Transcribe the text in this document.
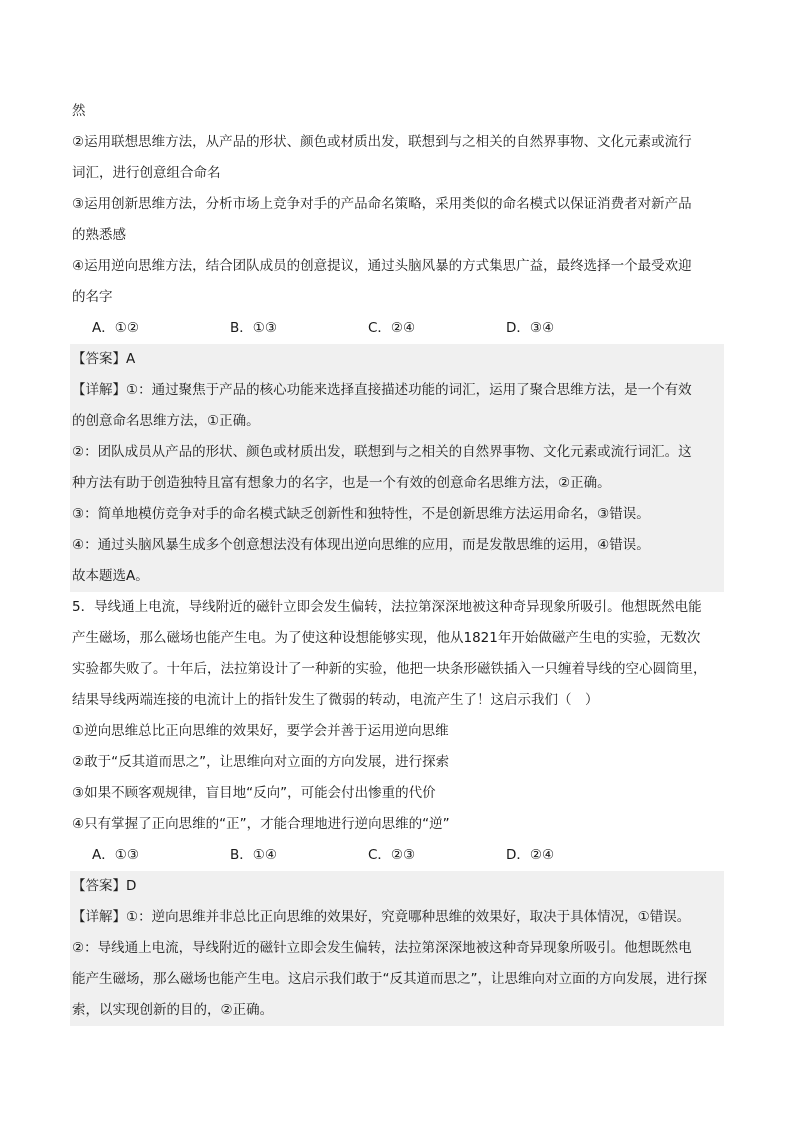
然

②运用联想思维方法，从产品的形状、颜色或材质出发，联想到与之相关的自然界事物、文化元素或流行

词汇，进行创意组合命名

③运用创新思维方法，分析市场上竞争对手的产品命名策略，采用类似的命名模式以保证消费者对新产品

的熟悉感

④运用逆向思维方法，结合团队成员的创意提议，通过头脑风暴的方式集思广益，最终选择一个最受欢迎

的名字

A．①②	B．①③	C．②④	D．③④

【答案】A

【详解】①：通过聚焦于产品的核心功能来选择直接描述功能的词汇，运用了聚合思维方法，是一个有效

的创意命名思维方法，①正确。

②：团队成员从产品的形状、颜色或材质出发，联想到与之相关的自然界事物、文化元素或流行词汇。这

种方法有助于创造独特且富有想象力的名字，也是一个有效的创意命名思维方法，②正确。

③：简单地模仿竞争对手的命名模式缺乏创新性和独特性，不是创新思维方法运用命名，③错误。

④：通过头脑风暴生成多个创意想法没有体现出逆向思维的应用，而是发散思维的运用，④错误。

故本题选A。

5．导线通上电流，导线附近的磁针立即会发生偏转，法拉第深深地被这种奇异现象所吸引。他想既然电能

产生磁场，那么磁场也能产生电。为了使这种设想能够实现，他从1821年开始做磁产生电的实验，无数次

实验都失败了。十年后，法拉第设计了一种新的实验，他把一块条形磁铁插入一只缠着导线的空心圆筒里，

结果导线两端连接的电流计上的指针发生了微弱的转动，电流产生了！这启示我们（　）

①逆向思维总比正向思维的效果好，要学会并善于运用逆向思维

②敢于“反其道而思之”，让思维向对立面的方向发展，进行探索

③如果不顾客观规律，盲目地“反向”，可能会付出惨重的代价

④只有掌握了正向思维的“正”，才能合理地进行逆向思维的“逆”

A．①③	B．①④	C．②③	D．②④

【答案】D

【详解】①：逆向思维并非总比正向思维的效果好，究竟哪种思维的效果好，取决于具体情况，①错误。

②：导线通上电流，导线附近的磁针立即会发生偏转，法拉第深深地被这种奇异现象所吸引。他想既然电

能产生磁场，那么磁场也能产生电。这启示我们敢于“反其道而思之”，让思维向对立面的方向发展，进行探

索，以实现创新的目的，②正确。
